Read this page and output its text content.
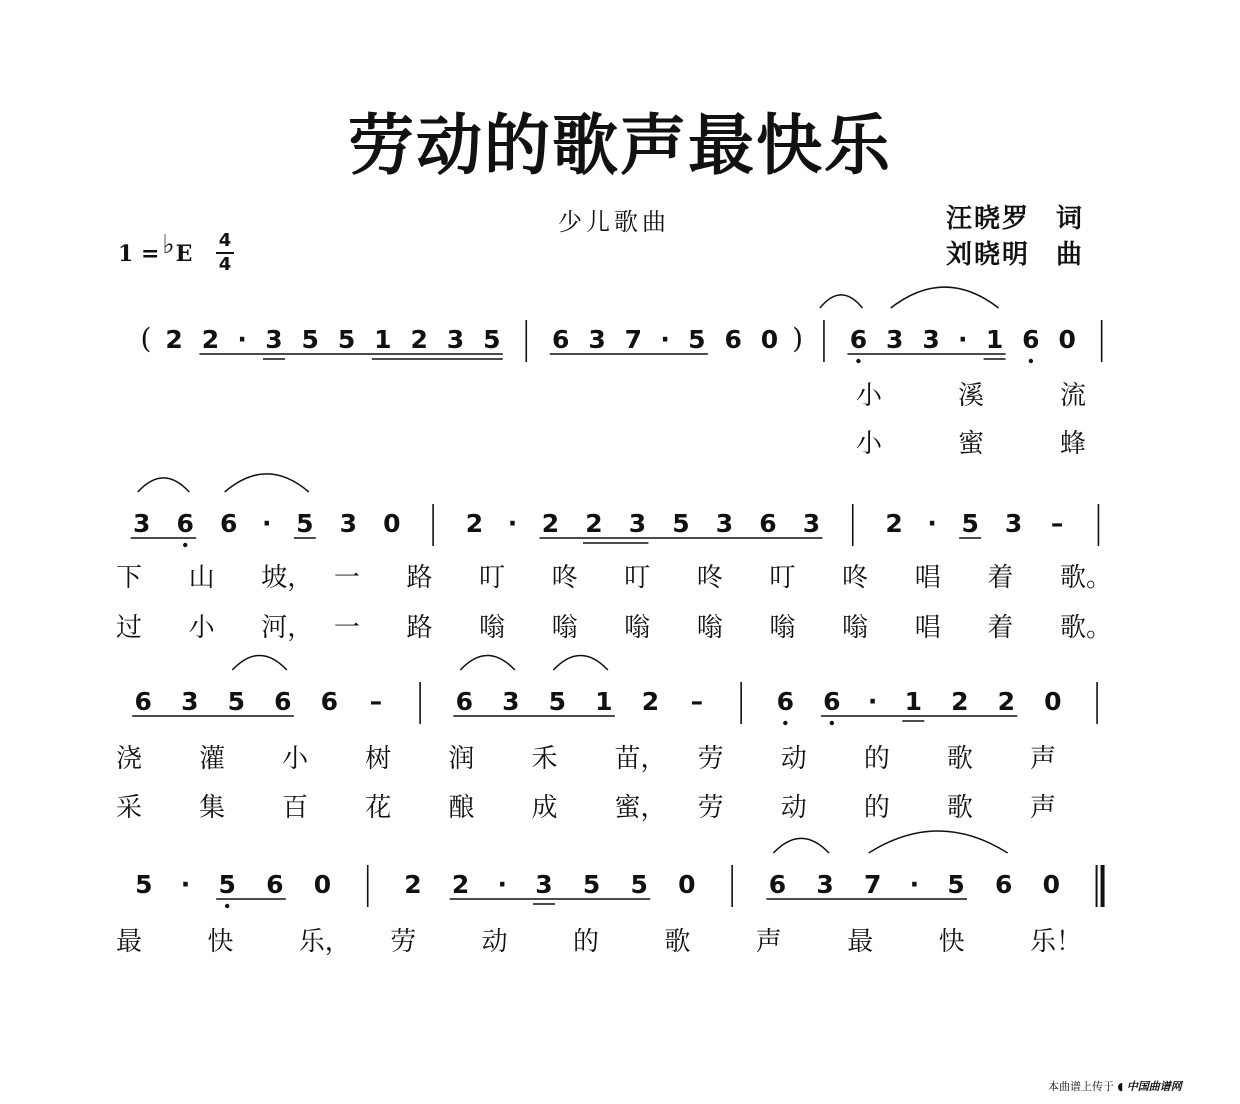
劳动的歌声最快乐
少儿歌曲	汪晓罗 词
刘晓明 曲
1 = ♭E
4
4
( 2 2 · 3 5 5 1 2 3 5 6 3 7 · 5 6 0 ) 6 3 3 · 1 6 0
3 6 6 · 5 3 0	2 · 2 2 3 5 3 6 3	2 · 5 3 –
6 3 5 6 6 –	6 3 5 1 2 –	6 6 · 1 2 2 0
5 · 5 6 0	2 2 · 3 5 5 0	6 3 7 · 5 6 0
小	溪	流
小	蜜	蜂
下 山 坡， 一 路 叮 咚 叮 咚 叮 咚 唱 着 歌。
过 小 河， 一 路 嗡 嗡 嗡 嗡 嗡 嗡 唱 着 歌。
浇 灌 小 树 润 禾 苗， 劳 动 的 歌 声
采 集 百 花 酿 成 蜜， 劳 动 的 歌 声
最	快	乐， 劳	动	的	歌	声	最	快	乐！
本曲谱上传于 ◖ 中国曲谱网
